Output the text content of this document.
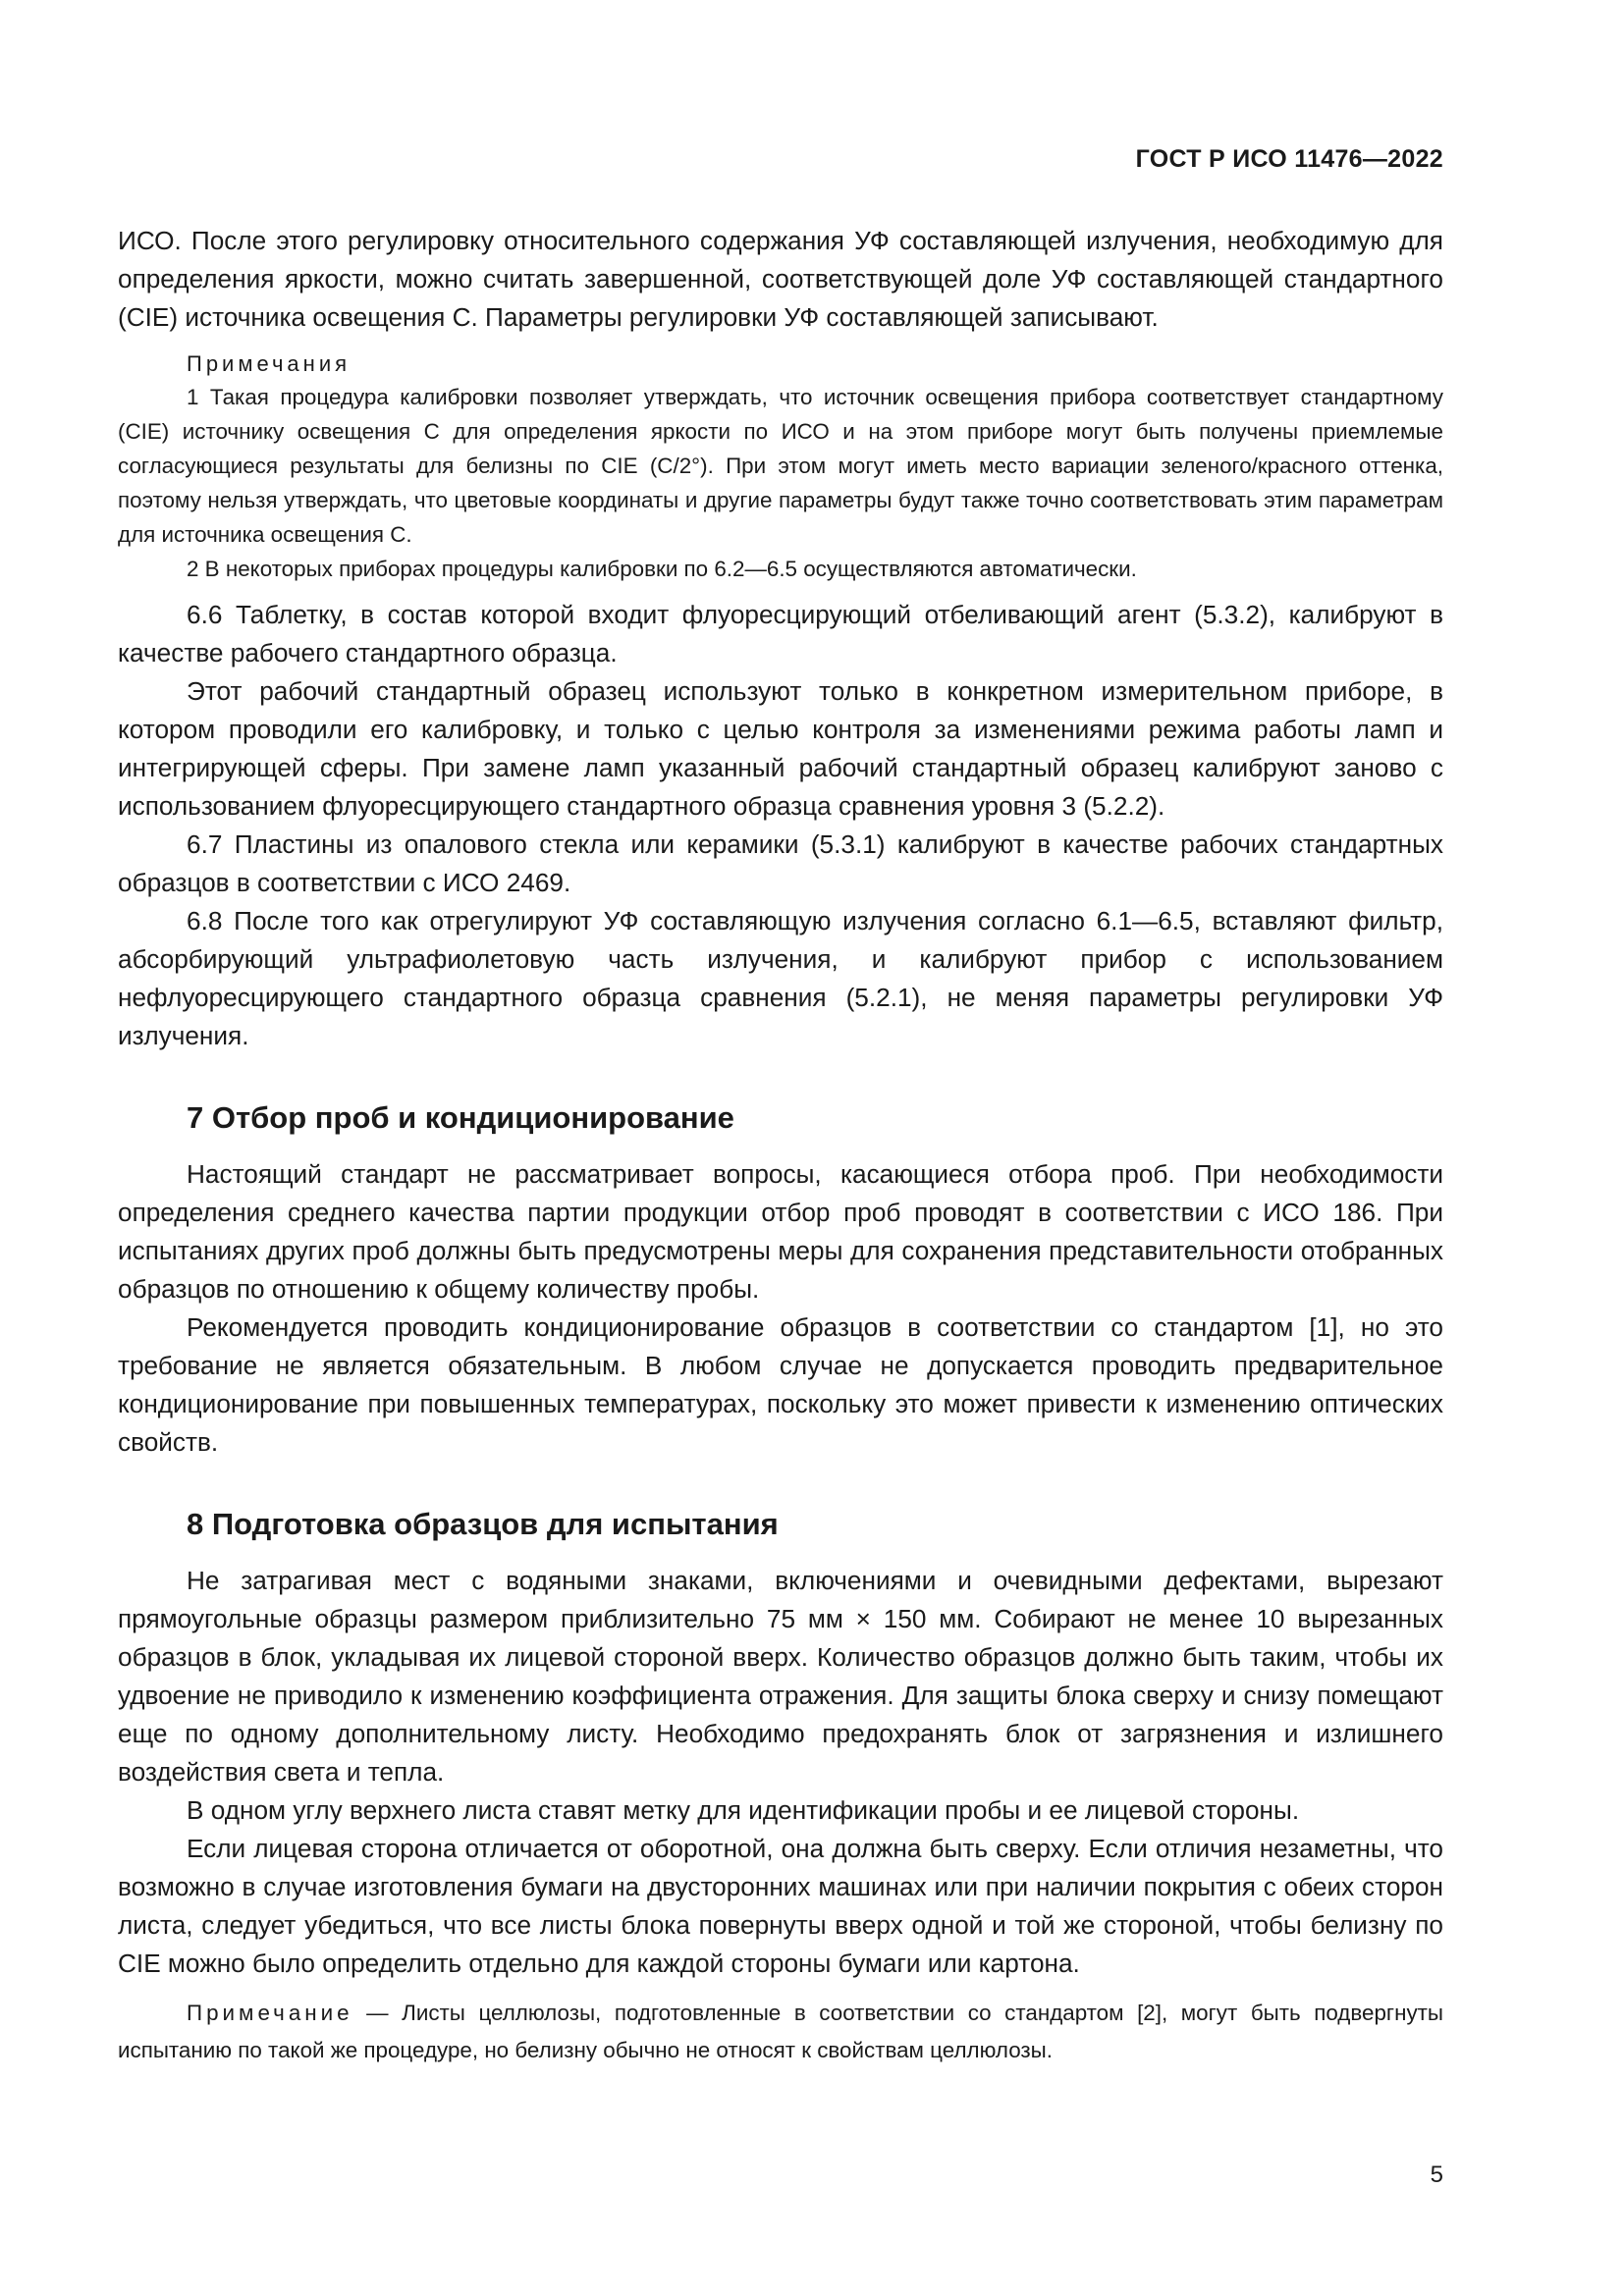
ГОСТ Р ИСО 11476—2022

ИСО. После этого регулировку относительного содержания УФ составляющей излучения, необходимую для определения яркости, можно считать завершенной, соответствующей доле УФ составляющей стандартного (CIE) источника освещения C. Параметры регулировки УФ составляющей записывают.

Примечания

1 Такая процедура калибровки позволяет утверждать, что источник освещения прибора соответствует стандартному (CIE) источнику освещения C для определения яркости по ИСО и на этом приборе могут быть получены приемлемые согласующиеся результаты для белизны по CIE (C/2°). При этом могут иметь место вариации зеленого/красного оттенка, поэтому нельзя утверждать, что цветовые координаты и другие параметры будут также точно соответствовать этим параметрам для источника освещения C.

2 В некоторых приборах процедуры калибровки по 6.2—6.5 осуществляются автоматически.

6.6 Таблетку, в состав которой входит флуоресцирующий отбеливающий агент (5.3.2), калибруют в качестве рабочего стандартного образца.

Этот рабочий стандартный образец используют только в конкретном измерительном приборе, в котором проводили его калибровку, и только с целью контроля за изменениями режима работы ламп и интегрирующей сферы. При замене ламп указанный рабочий стандартный образец калибруют заново с использованием флуоресцирующего стандартного образца сравнения уровня 3 (5.2.2).

6.7 Пластины из опалового стекла или керамики (5.3.1) калибруют в качестве рабочих стандартных образцов в соответствии с ИСО 2469.

6.8 После того как отрегулируют УФ составляющую излучения согласно 6.1—6.5, вставляют фильтр, абсорбирующий ультрафиолетовую часть излучения, и калибруют прибор с использованием нефлуоресцирующего стандартного образца сравнения (5.2.1), не меняя параметры регулировки УФ излучения.

7 Отбор проб и кондиционирование

Настоящий стандарт не рассматривает вопросы, касающиеся отбора проб. При необходимости определения среднего качества партии продукции отбор проб проводят в соответствии с ИСО 186. При испытаниях других проб должны быть предусмотрены меры для сохранения представительности отобранных образцов по отношению к общему количеству пробы.

Рекомендуется проводить кондиционирование образцов в соответствии со стандартом [1], но это требование не является обязательным. В любом случае не допускается проводить предварительное кондиционирование при повышенных температурах, поскольку это может привести к изменению оптических свойств.

8 Подготовка образцов для испытания

Не затрагивая мест с водяными знаками, включениями и очевидными дефектами, вырезают прямоугольные образцы размером приблизительно 75 мм × 150 мм. Собирают не менее 10 вырезанных образцов в блок, укладывая их лицевой стороной вверх. Количество образцов должно быть таким, чтобы их удвоение не приводило к изменению коэффициента отражения. Для защиты блока сверху и снизу помещают еще по одному дополнительному листу. Необходимо предохранять блок от загрязнения и излишнего воздействия света и тепла.

В одном углу верхнего листа ставят метку для идентификации пробы и ее лицевой стороны.

Если лицевая сторона отличается от оборотной, она должна быть сверху. Если отличия незаметны, что возможно в случае изготовления бумаги на двусторонних машинах или при наличии покрытия с обеих сторон листа, следует убедиться, что все листы блока повернуты вверх одной и той же стороной, чтобы белизну по CIE можно было определить отдельно для каждой стороны бумаги или картона.

Примечание — Листы целлюлозы, подготовленные в соответствии со стандартом [2], могут быть подвергнуты испытанию по такой же процедуре, но белизну обычно не относят к свойствам целлюлозы.
5
